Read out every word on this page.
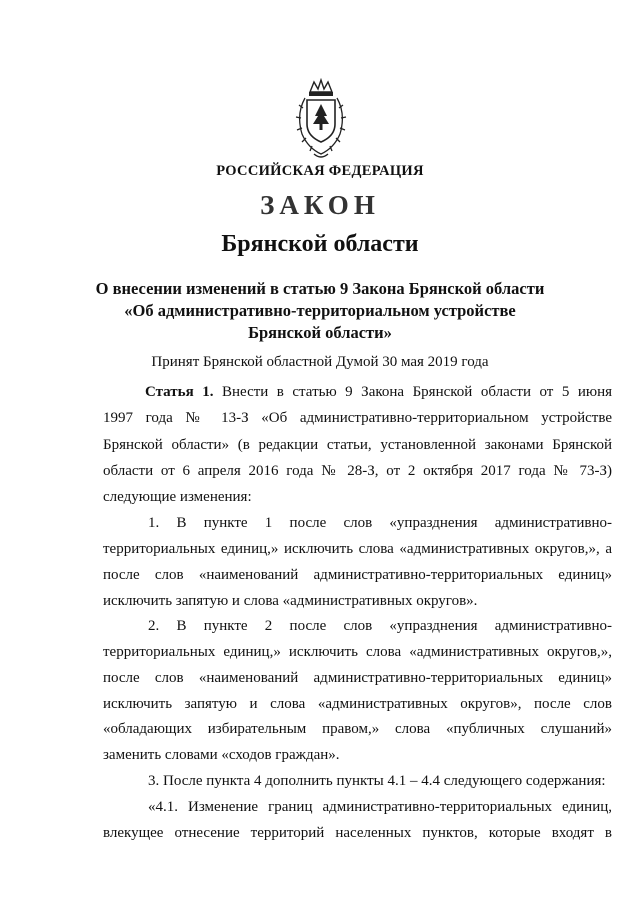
РОССИЙСКАЯ ФЕДЕРАЦИЯ
ЗАКОН
Брянской области
О внесении изменений в статью 9 Закона Брянской области
«Об административно-территориальном устройстве
Брянской области»
Принят Брянской областной Думой 30 мая 2019 года
Статья 1. Внести в статью 9 Закона Брянской области от 5 июня
1997 года № 13-З «Об административно-территориальном устройстве
Брянской области» (в редакции статьи, установленной законами Брянской
области от 6 апреля 2016 года № 28-З, от 2 октября 2017 года № 73-З)
следующие изменения:
1. В пункте 1 после слов «упразднения административно-
территориальных единиц,» исключить слова «административных округов,», а
после слов «наименований административно-территориальных единиц»
исключить запятую и слова «административных округов».
2. В пункте 2 после слов «упразднения административно-
территориальных единиц,» исключить слова «административных округов,»,
после слов «наименований административно-территориальных единиц»
исключить запятую и слова «административных округов», после слов
«обладающих избирательным правом,» слова «публичных слушаний»
заменить словами «сходов граждан».
3. После пункта 4 дополнить пункты 4.1 – 4.4 следующего содержания:
«4.1. Изменение границ административно-территориальных единиц,
влекущее отнесение территорий населенных пунктов, которые входят в
